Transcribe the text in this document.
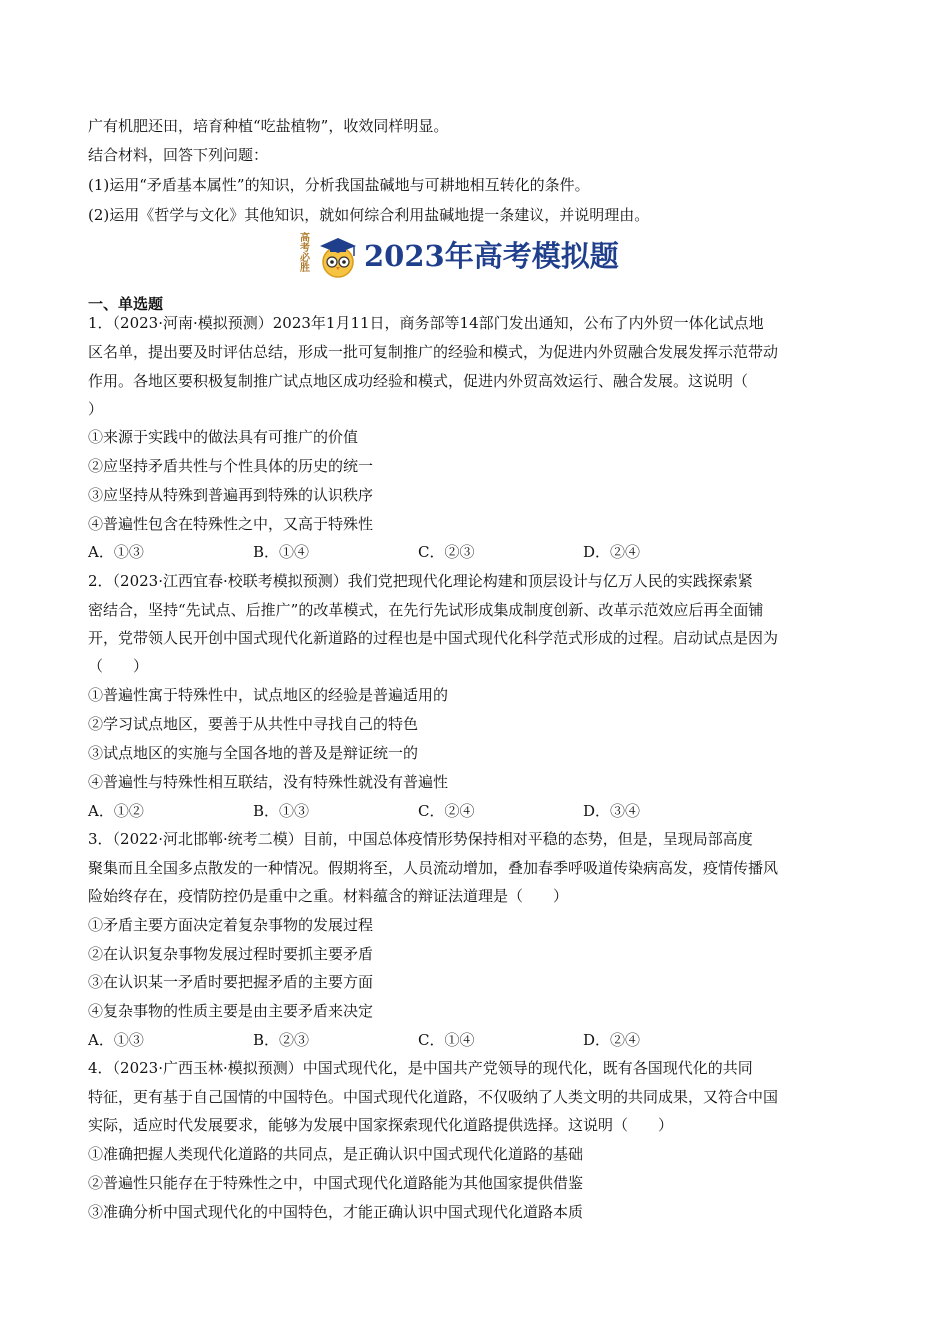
广有机肥还田，培育种植“吃盐植物”，收效同样明显。
结合材料，回答下列问题：
(1)运用“矛盾基本属性”的知识，分析我国盐碱地与可耕地相互转化的条件。
(2)运用《哲学与文化》其他知识，就如何综合利用盐碱地提一条建议，并说明理由。
高考必胜 2023年高考模拟题
一、单选题
1．（2023·河南·模拟预测）2023年1月11日，商务部等14部门发出通知，公布了内外贸一体化试点地
区名单，提出要及时评估总结，形成一批可复制推广的经验和模式，为促进内外贸融合发展发挥示范带动
作用。各地区要积极复制推广试点地区成功经验和模式，促进内外贸高效运行、融合发展。这说明（
）
①来源于实践中的做法具有可推广的价值
②应坚持矛盾共性与个性具体的历史的统一
③应坚持从特殊到普遍再到特殊的认识秩序
④普遍性包含在特殊性之中，又高于特殊性
A．①③	B．①④	C．②③	D．②④
2．（2023·江西宜春·校联考模拟预测）我们党把现代化理论构建和顶层设计与亿万人民的实践探索紧
密结合，坚持“先试点、后推广”的改革模式，在先行先试形成集成制度创新、改革示范效应后再全面铺
开，党带领人民开创中国式现代化新道路的过程也是中国式现代化科学范式形成的过程。启动试点是因为
（　　）
①普遍性寓于特殊性中，试点地区的经验是普遍适用的
②学习试点地区，要善于从共性中寻找自己的特色
③试点地区的实施与全国各地的普及是辩证统一的
④普遍性与特殊性相互联结，没有特殊性就没有普遍性
A．①②	B．①③	C．②④	D．③④
3．（2022·河北邯郸·统考二模）目前，中国总体疫情形势保持相对平稳的态势，但是，呈现局部高度
聚集而且全国多点散发的一种情况。假期将至，人员流动增加，叠加春季呼吸道传染病高发，疫情传播风
险始终存在，疫情防控仍是重中之重。材料蕴含的辩证法道理是（　　）
①矛盾主要方面决定着复杂事物的发展过程
②在认识复杂事物发展过程时要抓主要矛盾
③在认识某一矛盾时要把握矛盾的主要方面
④复杂事物的性质主要是由主要矛盾来决定
A．①③	B．②③	C．①④	D．②④
4．（2023·广西玉林·模拟预测）中国式现代化，是中国共产党领导的现代化，既有各国现代化的共同
特征，更有基于自己国情的中国特色。中国式现代化道路，不仅吸纳了人类文明的共同成果，又符合中国
实际，适应时代发展要求，能够为发展中国家探索现代化道路提供选择。这说明（　　）
①准确把握人类现代化道路的共同点，是正确认识中国式现代化道路的基础
②普遍性只能存在于特殊性之中，中国式现代化道路能为其他国家提供借鉴
③准确分析中国式现代化的中国特色，才能正确认识中国式现代化道路本质
